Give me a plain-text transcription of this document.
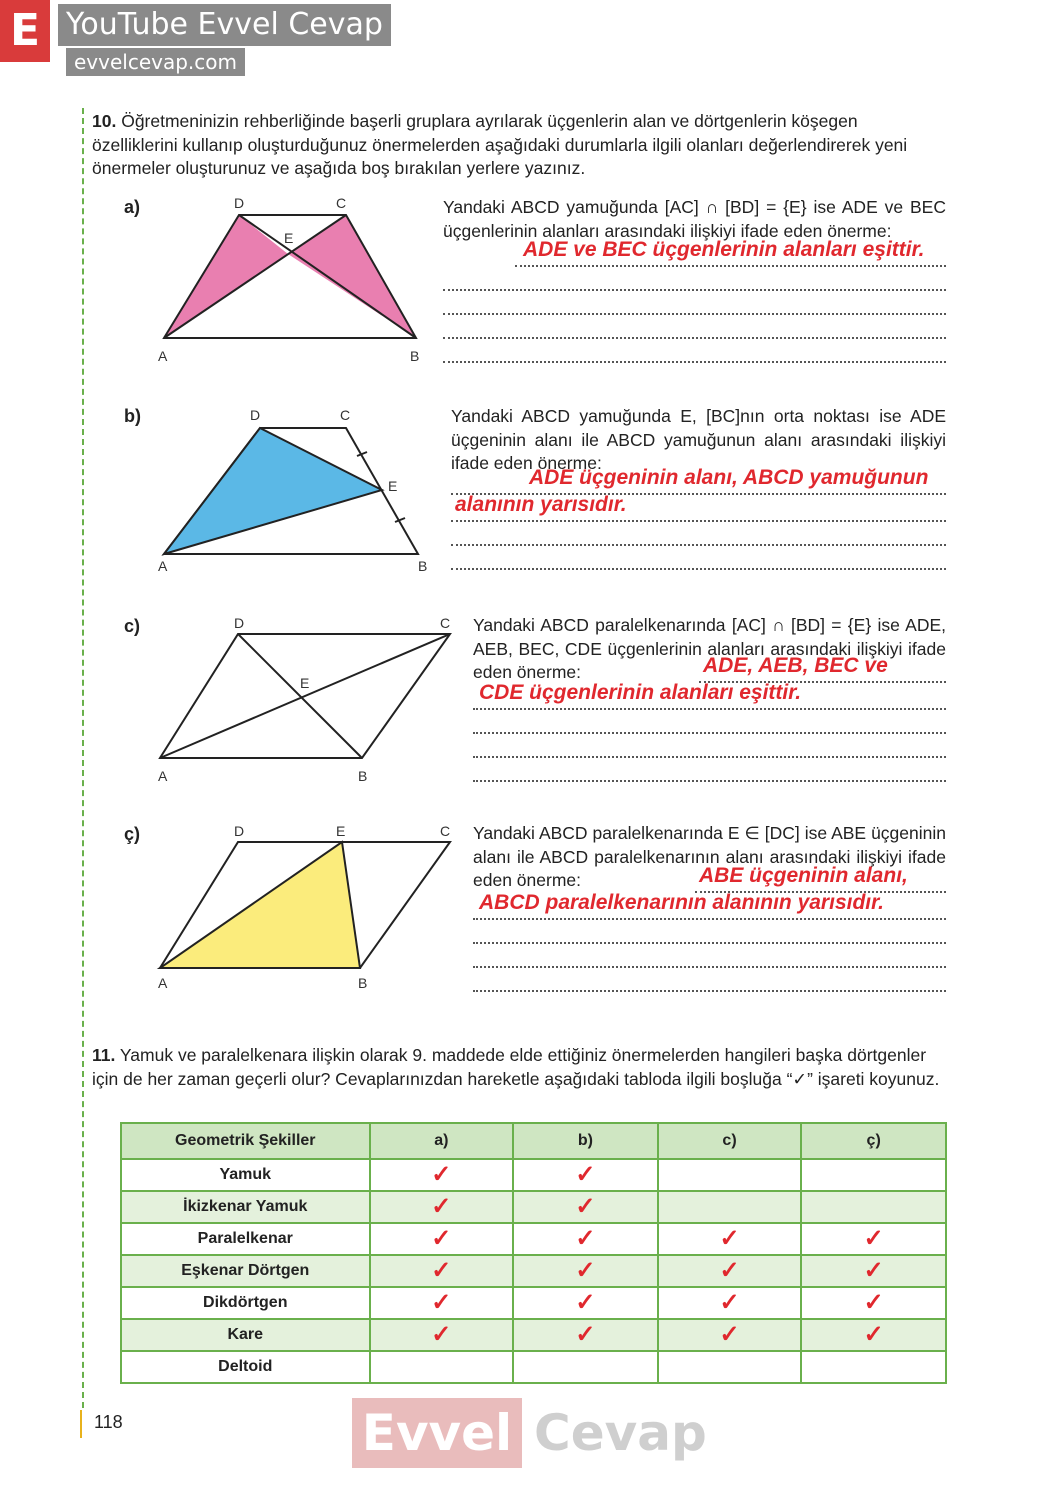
E YouTube Evvel Cevap
evvelcevap.com
10. Öğretmeninizin rehberliğinde başerli gruplara ayrılarak üçgenlerin alan ve dörtgenlerin köşegen özelliklerini kullanıp oluşturduğunuz önermelerden aşağıdaki durumlarla ilgili olanları değerlendirerek yeni önermeler oluşturunuz ve aşağıda boş bırakılan yerlere yazınız.
a)	D	C
E
A	B
Yandaki ABCD yamuğunda [AC] ∩ [BD] = {E} ise ADE ve BEC üçgenlerinin alanları arasındaki ilişkiyi ifade eden önerme:
ADE ve BEC üçgenlerinin alanları eşittir.
b)	D	C
E
A	B
Yandaki ABCD yamuğunda E, [BC]nın orta noktası ise ADE üçgeninin alanı ile ABCD yamuğunun alanı arasındaki ilişkiyi ifade eden önerme:
ADE üçgeninin alanı, ABCD yamuğunun
alanının yarısıdır.
c)	D	C
E
A	B
Yandaki ABCD paralelkenarında [AC] ∩ [BD] = {E} ise ADE, AEB, BEC, CDE üçgenlerinin alanları arasındaki ilişkiyi ifade eden önerme:	ADE, AEB, BEC ve
CDE üçgenlerinin alanları eşittir.
ç)	D	E	C
A	B
Yandaki ABCD paralelkenarında E ∈ [DC] ise ABE üçgeninin alanı ile ABCD paralelkenarının alanı arasındaki ilişkiyi ifade eden önerme:	ABE üçgeninin alanı,
ABCD paralelkenarının alanının yarısıdır.
11. Yamuk ve paralelkenara ilişkin olarak 9. maddede elde ettiğiniz önermelerden hangileri başka dörtgenler için de her zaman geçerli olur? Cevaplarınızdan hareketle aşağıdaki tabloda ilgili boşluğa “✓” işareti koyunuz.
Geometrik Şekiller	a)	b)	c)	ç)
Yamuk	✓	✓		
İkizkenar Yamuk	✓	✓		
Paralelkenar	✓	✓	✓	✓
Eşkenar Dörtgen	✓	✓	✓	✓
Dikdörtgen	✓	✓	✓	✓
Kare	✓	✓	✓	✓
Deltoid				
118	Evvel Cevap
